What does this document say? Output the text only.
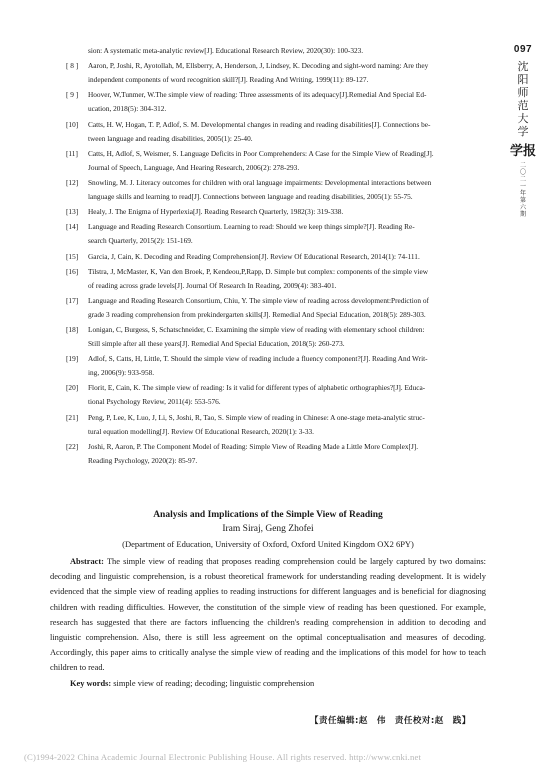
097
沈阳师范大学
学报
二〇二一年第六期
sion: A systematic meta-analytic review[J]. Educational Research Review, 2020(30): 100-323.
[ 8 ] Aaron, P, Joshi, R, Ayotollah, M, Ellsberry, A, Henderson, J, Lindsey, K. Decoding and sight-word naming: Are they
independent components of word recognition skill?[J]. Reading And Writing, 1999(11): 89-127.
[ 9 ] Hoover, W,Tunmer, W.The simple view of reading: Three assessments of its adequacy[J].Remedial And Special Ed-
ucation, 2018(5): 304-312.
[10] Catts, H. W, Hogan, T. P, Adlof, S. M. Developmental changes in reading and reading disabilities[J]. Connections be-
tween language and reading disabilities, 2005(1): 25-40.
[11] Catts, H, Adlof, S, Weismer, S. Language Deficits in Poor Comprehenders: A Case for the Simple View of Reading[J].
Journal of Speech, Language, And Hearing Research, 2006(2): 278-293.
[12] Snowling, M. J. Literacy outcomes for children with oral language impairments: Developmental interactions between
language skills and learning to read[J]. Connections between language and reading disabilities, 2005(1): 55-75.
[13] Healy, J. The Enigma of Hyperlexia[J]. Reading Research Quarterly, 1982(3): 319-338.
[14] Language and Reading Research Consortium. Learning to read: Should we keep things simple?[J]. Reading Re-
search Quarterly, 2015(2): 151-169.
[15] Garcia, J, Cain, K. Decoding and Reading Comprehension[J]. Review Of Educational Research, 2014(1): 74-111.
[16] Tilstra, J, McMaster, K, Van den Broek, P, Kendeou,P,Rapp, D. Simple but complex: components of the simple view
of reading across grade levels[J]. Journal Of Research In Reading, 2009(4): 383-401.
[17] Language and Reading Research Consortium, Chiu, Y. The simple view of reading across development:Prediction of
grade 3 reading comprehension from prekindergarten skills[J]. Remedial And Special Education, 2018(5): 289-303.
[18] Lonigan, C, Burgess, S, Schatschneider, C. Examining the simple view of reading with elementary school children:
Still simple after all these years[J]. Remedial And Special Education, 2018(5): 260-273.
[19] Adlof, S, Catts, H, Little, T. Should the simple view of reading include a fluency component?[J]. Reading And Writ-
ing, 2006(9): 933-958.
[20] Florit, E, Cain, K. The simple view of reading: Is it valid for different types of alphabetic orthographies?[J]. Educa-
tional Psychology Review, 2011(4): 553-576.
[21] Peng, P, Lee, K, Luo, J, Li, S, Joshi, R, Tao, S. Simple view of reading in Chinese: A one-stage meta-analytic struc-
tural equation modelling[J]. Review Of Educational Research, 2020(1): 3-33.
[22] Joshi, R, Aaron, P. The Component Model of Reading: Simple View of Reading Made a Little More Complex[J].
Reading Psychology, 2020(2): 85-97.
Analysis and Implications of the Simple View of Reading
Iram Siraj, Geng Zhofei
(Department of Education, University of Oxford, Oxford United Kingdom OX2 6PY)
Abstract: The simple view of reading that proposes reading comprehension could be largely captured by two domains: decoding and linguistic comprehension, is a robust theoretical framework for understanding reading development. It is widely evidenced that the simple view of reading applies to reading instructions for different languages and is beneficial for diagnosing children with reading difficulties. However, the constitution of the simple view of reading has been questioned. For example, research has suggested that there are factors influencing the children's reading comprehension in addition to decoding and linguistic comprehension. Also, there is still less agreement on the optimal conceptualisation and measures of decoding. Accordingly, this paper aims to critically analyse the simple view of reading and the implications of this model for how to teach children to read.
Key words: simple view of reading; decoding; linguistic comprehension
【责任编辑:赵　伟　责任校对:赵　践】
(C)1994-2022 China Academic Journal Electronic Publishing House. All rights reserved. http://www.cnki.net
